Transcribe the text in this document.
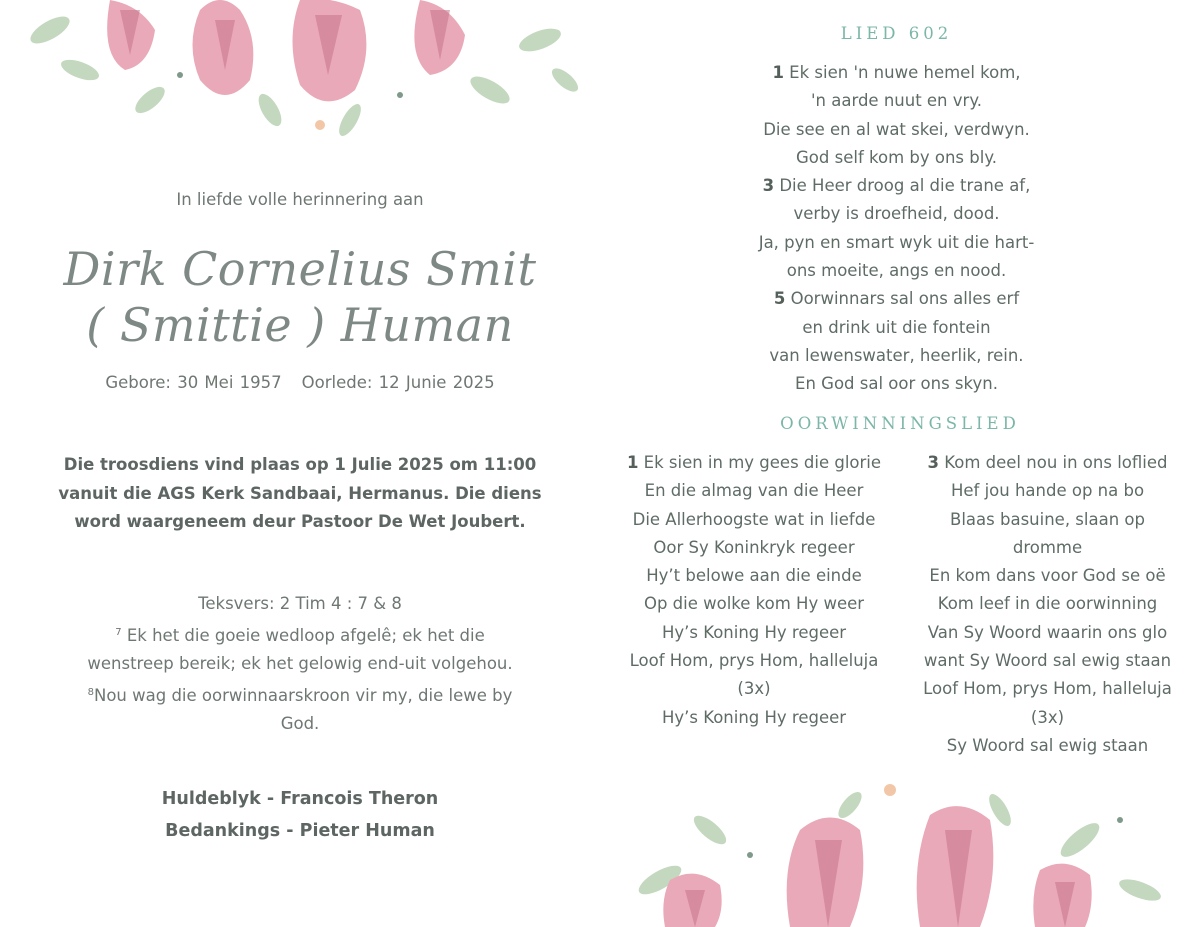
In liefde volle herinnering aan
Dirk Cornelius Smit
( Smittie ) Human
Gebore: 30 Mei 1957 Oorlede: 12 Junie 2025
Die troosdiens vind plaas op 1 Julie 2025 om 11:00
vanuit die AGS Kerk Sandbaai, Hermanus. Die diens
word waargeneem deur Pastoor De Wet Joubert.
Teksvers: 2 Tim 4 : 7 & 8
$^7$ Ek het die goeie wedloop afgelê; ek het die
wenstreep bereik; ek het gelowig end-uit volgehou.
$^8$Nou wag die oorwinnaarskroon vir my, die lewe by
God.
Huldeblyk - Francois Theron
Bedankings - Pieter Human
LIED 602
1 Ek sien 'n nuwe hemel kom,
'n aarde nuut en vry.
Die see en al wat skei, verdwyn.
God self kom by ons bly.
3 Die Heer droog al die trane af,
verby is droefheid, dood.
Ja, pyn en smart wyk uit die hart-
ons moeite, angs en nood.
5 Oorwinnars sal ons alles erf
en drink uit die fontein
van lewenswater, heerlik, rein.
En God sal oor ons skyn.
OORWINNINGSLIED
1 Ek sien in my gees die glorie
En die almag van die Heer
Die Allerhoogste wat in liefde
Oor Sy Koninkryk regeer
Hy’t belowe aan die einde
Op die wolke kom Hy weer
Hy’s Koning Hy regeer
Loof Hom, prys Hom, halleluja
(3x)
Hy’s Koning Hy regeer
3 Kom deel nou in ons loflied
Hef jou hande op na bo
Blaas basuine, slaan op
dromme
En kom dans voor God se oë
Kom leef in die oorwinning
Van Sy Woord waarin ons glo
want Sy Woord sal ewig staan
Loof Hom, prys Hom, halleluja
(3x)
Sy Woord sal ewig staan
